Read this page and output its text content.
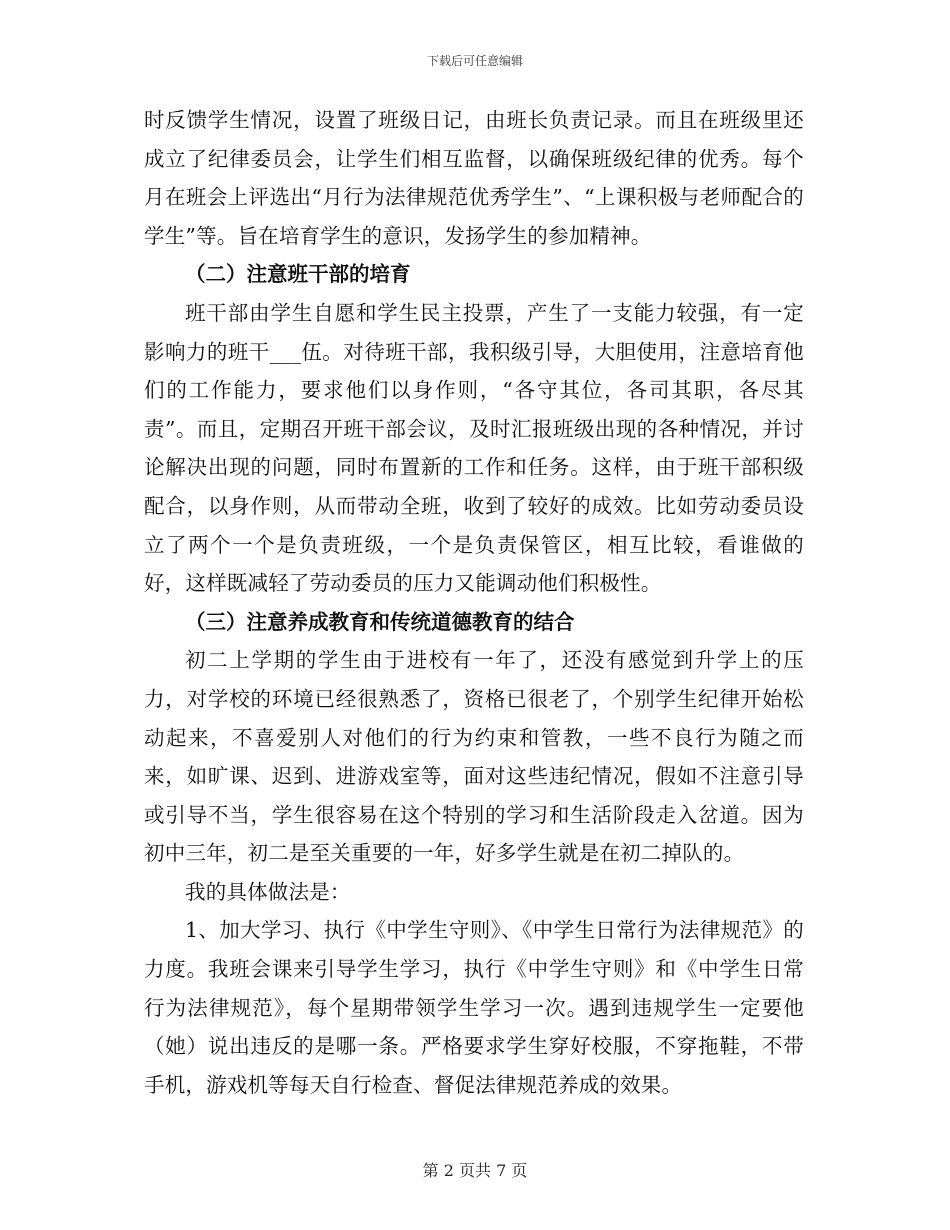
下载后可任意编辑

时反馈学生情况，设置了班级日记，由班长负责记录。而且在班级里还成立了纪律委员会，让学生们相互监督，以确保班级纪律的优秀。每个月在班会上评选出“月行为法律规范优秀学生”、“上课积极与老师配合的学生”等。旨在培育学生的意识，发扬学生的参加精神。

（二）注意班干部的培育

班干部由学生自愿和学生民主投票，产生了一支能力较强，有一定影响力的班干___伍。对待班干部，我积级引导，大胆使用，注意培育他们的工作能力，要求他们以身作则，“各守其位，各司其职，各尽其责”。而且，定期召开班干部会议，及时汇报班级出现的各种情况，并讨论解决出现的问题，同时布置新的工作和任务。这样，由于班干部积级配合，以身作则，从而带动全班，收到了较好的成效。比如劳动委员设立了两个一个是负责班级，一个是负责保管区，相互比较，看谁做的好，这样既减轻了劳动委员的压力又能调动他们积极性。

（三）注意养成教育和传统道德教育的结合

初二上学期的学生由于进校有一年了，还没有感觉到升学上的压力，对学校的环境已经很熟悉了，资格已很老了，个别学生纪律开始松动起来，不喜爱别人对他们的行为约束和管教，一些不良行为随之而来，如旷课、迟到、进游戏室等，面对这些违纪情况，假如不注意引导或引导不当，学生很容易在这个特别的学习和生活阶段走入岔道。因为初中三年，初二是至关重要的一年，好多学生就是在初二掉队的。

我的具体做法是：

1、加大学习、执行《中学生守则》、《中学生日常行为法律规范》的力度。我班会课来引导学生学习，执行《中学生守则》和《中学生日常行为法律规范》，每个星期带领学生学习一次。遇到违规学生一定要他（她）说出违反的是哪一条。严格要求学生穿好校服，不穿拖鞋，不带手机，游戏机等每天自行检查、督促法律规范养成的效果。

第 2 页共 7 页
